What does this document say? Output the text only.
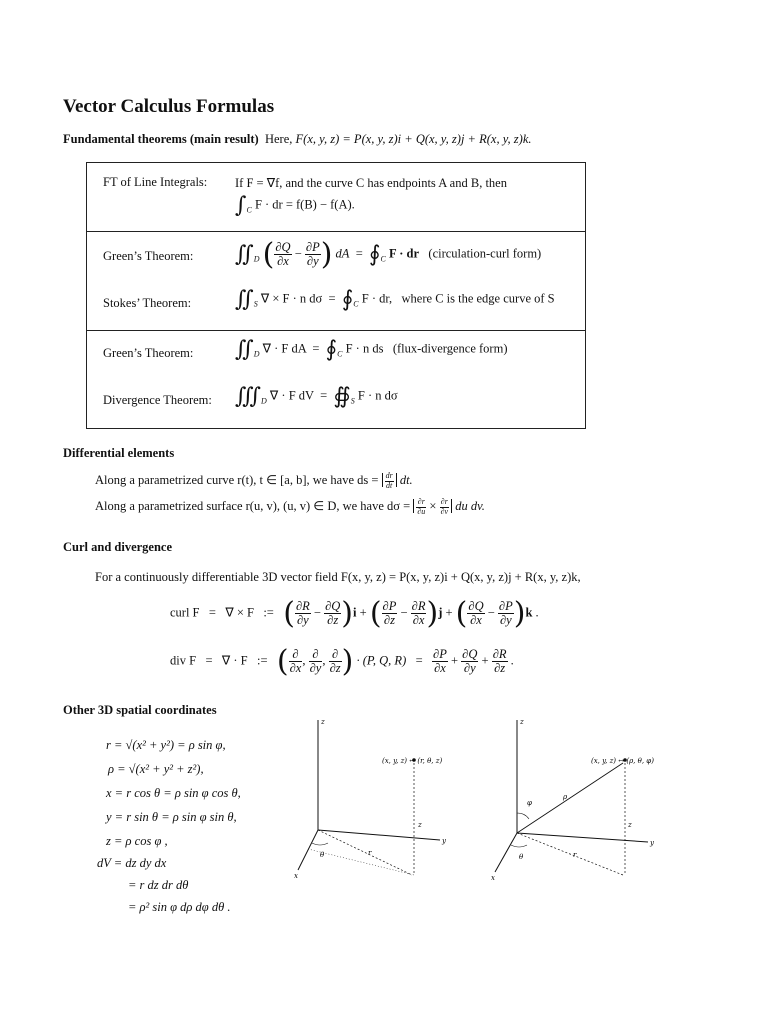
Vector Calculus Formulas
Fundamental theorems (main result) Here, F(x, y, z) = P(x, y, z)i + Q(x, y, z)j + R(x, y, z)k.
FT of Line Integrals: If F = ∇f, and the curve C has endpoints A and B, then
$\int_C$ F · dr = f(B) − f(A).
Green’s Theorem: $∬_D$ ( $\frac{\partial Q}{\partial x} - \frac{\partial P}{\partial y}$ ) dA  =  $∮_C$ F · dr (circulation-curl form)
Stokes’ Theorem: $∬_S$ ∇ × F · n $d\sigma = ∮_C$ F · dr, where C is the edge curve of S
Green’s Theorem: $∬_D$ ∇ · F dA  =  $∮_C$ F · n ds (flux-divergence form)
Divergence Theorem: $∭_D$ ∇ · F dV  =  $∯_S$ F · n dσ
Differential elements
Along a parametrized curve r(t), t ∈ [a, b], we have ds = $\frac{dr}{dt}$ dt.
Along a parametrized surface r(u, v), (u, v) ∈ D, we have $d\sigma = \frac{\partial r}{\partial u} \times \frac{\partial r}{\partial v}$ du dv.
Curl and divergence
For a continuously differentiable 3D vector field F(x, y, z) = P(x, y, z)i + Q(x, y, z)j + R(x, y, z)k,
curl F   =   ∇ × F   :=   ( $\frac{\partial R}{\partial y} - \frac{\partial Q}{\partial z} )i$ + ( $\frac{\partial P}{\partial z} - \frac{\partial R}{\partial x} )j$ + ( $\frac{\partial Q}{\partial x} - \frac{\partial P}{\partial y} )k$ .
div F   =   ∇ · F   :=   ( $\frac{\partial}{\partial x}$ , $\frac{\partial}{\partial y}$ , $\frac{\partial}{\partial z}$ ) · (P, Q, $R) = \frac{\partial P}{\partial x} + \frac{\partial Q}{\partial y} + \frac{\partial R}{\partial z}$ .
Other 3D spatial coordinates
r = √(x² + y²) = ρ sin φ,
ρ = √(x² + y² + z²),
x = r cos θ = ρ sin φ cos θ,
y = r sin θ = ρ sin φ sin θ,
z = ρ cos φ ,
dV = dz dy dx
= r dz dr dθ
= ρ² sin φ dρ dφ dθ .
z
y
x
z
r
θ
(x, y, z) ↔ (r, θ, z)
z
y
x
ρ
r
z
φ
θ
(x, y, z) ↔ (ρ, θ, φ)
